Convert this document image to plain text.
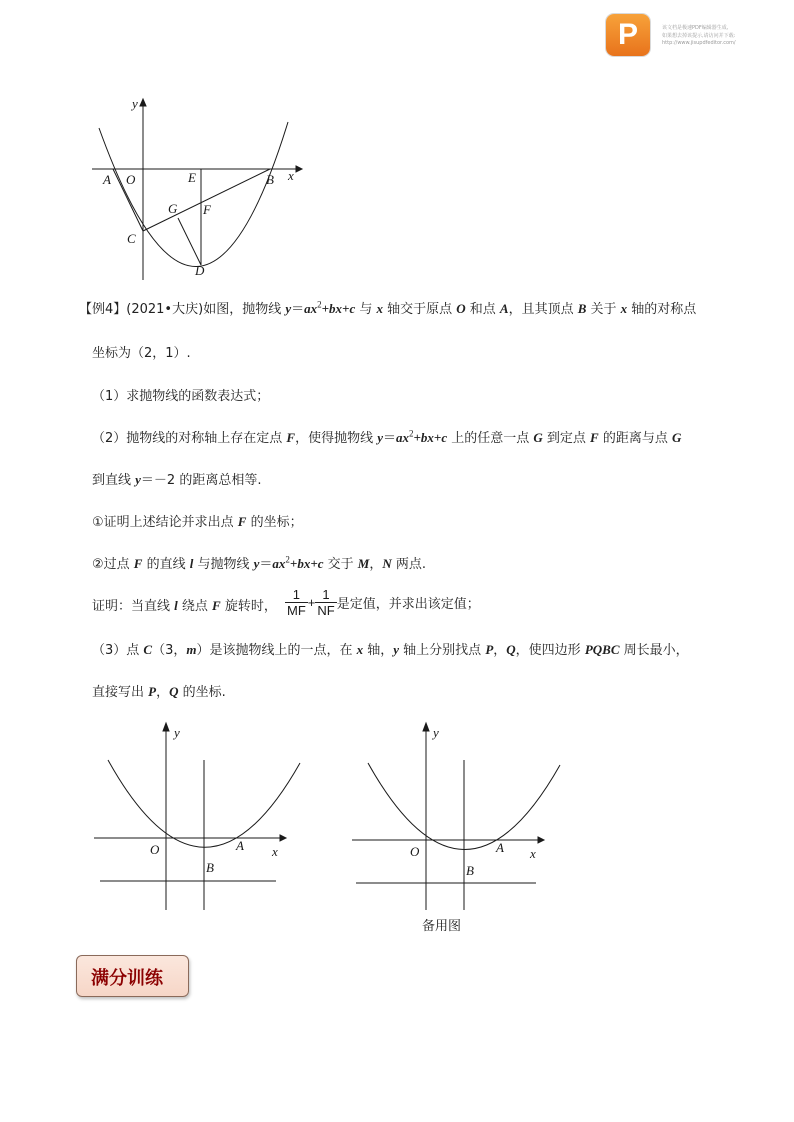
P	该文档是极速PDF编辑器生成,
如果想去掉该提示,请访问并下载:
http://www.jisupdfeditor.com/
y
x
A O	E	B
G F
C
D
【例4】(2021•大庆)如图，抛物线 $y=ax^2+bx+c$ 与 x 轴交于原点 O 和点 A，且其顶点 B 关于 x 轴的对称点
坐标为（2，1）.
（1）求抛物线的函数表达式；
（2）抛物线的对称轴上存在定点 F，使得抛物线 $y=ax^2+bx+c$ 上的任意一点 G 到定点 F 的距离与点 G
到直线 y＝－2 的距离总相等.
①证明上述结论并求出点 F 的坐标；
②过点 F 的直线 l 与抛物线 $y=ax^2+bx+c$ 交于 M，N 两点.
证明：当直线 l 绕点 F 旋转时， $\frac{1}{MF} + \frac{1}{NF}$ 是定值，并求出该定值；
（3）点 C（3，m）是该抛物线上的一点，在 x 轴，y 轴上分别找点 P，Q，使四边形 PQBC 周长最小，
直接写出 P，Q 的坐标.
y
x
O	A
B
y
x
O	A
B
备用图
满分训练
